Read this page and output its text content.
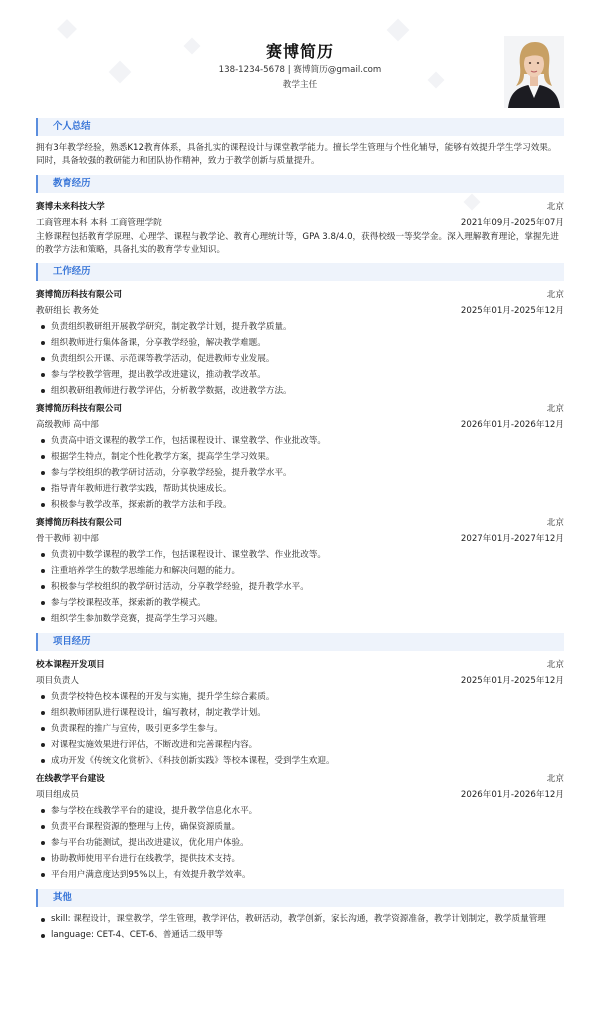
赛博简历
138-1234-5678 | 赛博简历@gmail.com
教学主任
个人总结
拥有3年教学经验，熟悉K12教育体系，具备扎实的课程设计与课堂教学能力。擅长学生管理与个性化辅导，能够有效提升学生学习效果。同时，具备较强的教研能力和团队协作精神，致力于教学创新与质量提升。
教育经历
赛博未来科技大学	北京
工商管理本科 本科 工商管理学院	2021年09月-2025年07月
主修课程包括教育学原理、心理学、课程与教学论、教育心理统计等，GPA 3.8/4.0，获得校级一等奖学金。深入理解教育理论，掌握先进的教学方法和策略，具备扎实的教育学专业知识。
工作经历
赛博简历科技有限公司	北京
教研组长 教务处	2025年01月-2025年12月
负责组织教研组开展教学研究，制定教学计划，提升教学质量。
组织教师进行集体备课，分享教学经验，解决教学难题。
负责组织公开课、示范课等教学活动，促进教师专业发展。
参与学校教学管理，提出教学改进建议，推动教学改革。
组织教研组教师进行教学评估，分析教学数据，改进教学方法。
赛博简历科技有限公司	北京
高级教师 高中部	2026年01月-2026年12月
负责高中语文课程的教学工作，包括课程设计、课堂教学、作业批改等。
根据学生特点，制定个性化教学方案，提高学生学习效果。
参与学校组织的教学研讨活动，分享教学经验，提升教学水平。
指导青年教师进行教学实践，帮助其快速成长。
积极参与教学改革，探索新的教学方法和手段。
赛博简历科技有限公司	北京
骨干教师 初中部	2027年01月-2027年12月
负责初中数学课程的教学工作，包括课程设计、课堂教学、作业批改等。
注重培养学生的数学思维能力和解决问题的能力。
积极参与学校组织的教学研讨活动，分享教学经验，提升教学水平。
参与学校课程改革，探索新的教学模式。
组织学生参加数学竞赛，提高学生学习兴趣。
项目经历
校本课程开发项目	北京
项目负责人	2025年01月-2025年12月
负责学校特色校本课程的开发与实施，提升学生综合素质。
组织教师团队进行课程设计，编写教材，制定教学计划。
负责课程的推广与宣传，吸引更多学生参与。
对课程实施效果进行评估，不断改进和完善课程内容。
成功开发《传统文化赏析》、《科技创新实践》等校本课程，受到学生欢迎。
在线教学平台建设	北京
项目组成员	2026年01月-2026年12月
参与学校在线教学平台的建设，提升教学信息化水平。
负责平台课程资源的整理与上传，确保资源质量。
参与平台功能测试，提出改进建议，优化用户体验。
协助教师使用平台进行在线教学，提供技术支持。
平台用户满意度达到95%以上，有效提升教学效率。
其他
skill: 课程设计，课堂教学，学生管理，教学评估，教研活动，教学创新，家长沟通，教学资源准备，教学计划制定，教学质量管理
language: CET-4、CET-6、普通话二级甲等
